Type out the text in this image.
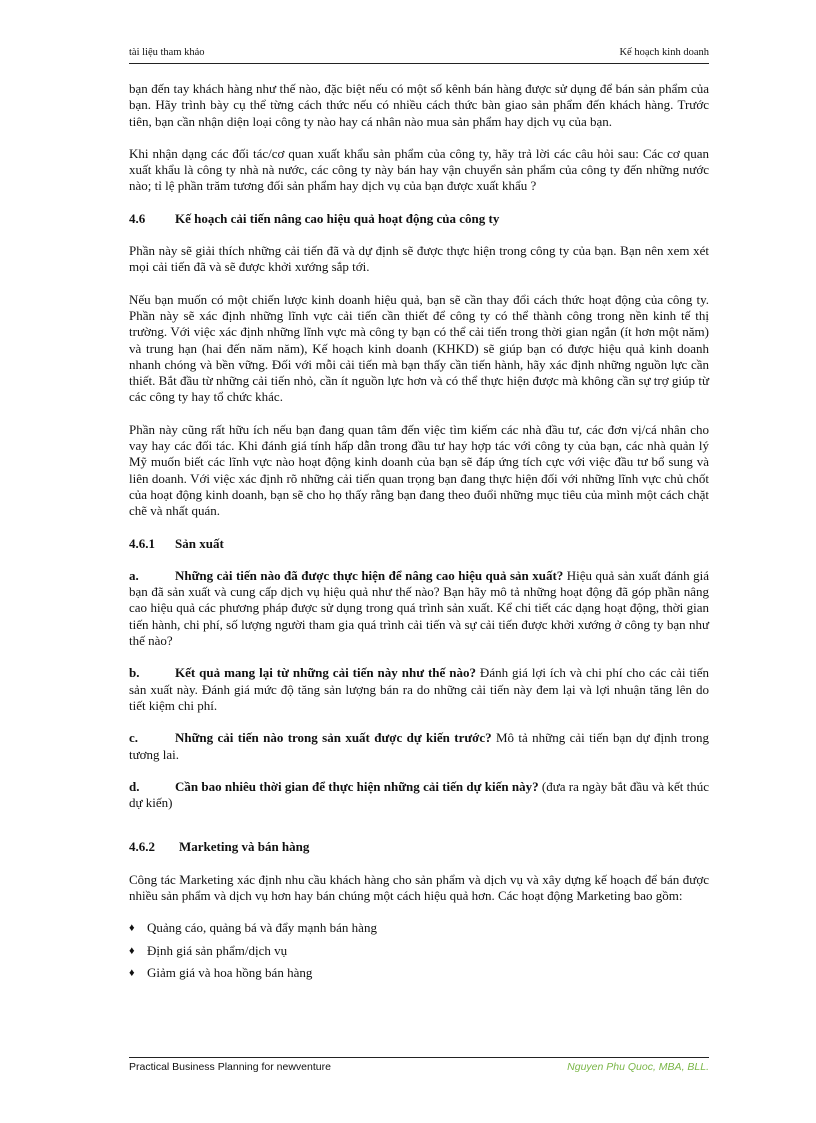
tài liệu tham khảo	Kế hoạch kinh doanh

bạn đến tay khách hàng như thế nào, đặc biệt nếu có một số kênh bán hàng được sử dụng để bán sản phẩm của bạn. Hãy trình bày cụ thể từng cách thức nếu có nhiều cách thức bàn giao sản phẩm đến khách hàng. Trước tiên, bạn cần nhận diện loại công ty nào hay cá nhân nào mua sản phẩm hay dịch vụ của bạn.

Khi nhận dạng các đối tác/cơ quan xuất khẩu sản phẩm của công ty, hãy trả lời các câu hỏi sau: Các cơ quan xuất khẩu là công ty nhà nà nước, các công ty này bán hay vận chuyển sản phẩm của công ty đến những nước nào; tỉ lệ phần trăm tương đối sản phẩm hay dịch vụ của bạn được xuất khẩu ?

4.6 Kế hoạch cải tiến nâng cao hiệu quả hoạt động của công ty

Phần này sẽ giải thích những cải tiến đã và dự định sẽ được thực hiện trong công ty của bạn. Bạn nên xem xét mọi cải tiến đã và sẽ được khởi xướng sắp tới.

Nếu bạn muốn có một chiến lược kinh doanh hiệu quả, bạn sẽ cần thay đổi cách thức hoạt động của công ty. Phần này sẽ xác định những lĩnh vực cải tiến cần thiết để công ty có thể thành công trong nền kinh tế thị trường. Với việc xác định những lĩnh vực mà công ty bạn có thể cải tiến trong thời gian ngắn (ít hơn một năm) và trung hạn (hai đến năm năm), Kế hoạch kinh doanh (KHKD) sẽ giúp bạn có được hiệu quả kinh doanh nhanh chóng và bền vững. Đối với mỗi cải tiến mà bạn thấy cần tiến hành, hãy xác định những nguồn lực cần thiết. Bắt đầu từ những cải tiến nhỏ, cần ít nguồn lực hơn và có thể thực hiện được mà không cần sự trợ giúp từ các công ty hay tổ chức khác.

Phần này cũng rất hữu ích nếu bạn đang quan tâm đến việc tìm kiếm các nhà đầu tư, các đơn vị/cá nhân cho vay hay các đối tác. Khi đánh giá tính hấp dẫn trong đầu tư hay hợp tác với công ty của bạn, các nhà quản lý Mỹ muốn biết các lĩnh vực nào hoạt động kinh doanh của bạn sẽ đáp ứng tích cực với việc đầu tư bổ sung và liên doanh. Với việc xác định rõ những cải tiến quan trọng bạn đang thực hiện đối với những lĩnh vực chủ chốt của hoạt động kinh doanh, bạn sẽ cho họ thấy rằng bạn đang theo đuổi những mục tiêu của mình một cách chặt chẽ và nhất quán.

4.6.1 Sản xuất
a.	Những cải tiến nào đã được thực hiện để nâng cao hiệu quả sản xuất? Hiệu quả sản xuất đánh giá bạn đã sản xuất và cung cấp dịch vụ hiệu quả như thế nào? Bạn hãy mô tả những hoạt động đã góp phần nâng cao hiệu quả các phương pháp được sử dụng trong quá trình sản xuất. Kể chi tiết các dạng hoạt động, thời gian tiến hành, chi phí, số lượng người tham gia quá trình cải tiến và sự cải tiến được khởi xướng ở công ty bạn như thế nào?
b.	Kết quả mang lại từ những cải tiến này như thế nào? Đánh giá lợi ích và chi phí cho các cải tiến sản xuất này. Đánh giá mức độ tăng sản lượng bán ra do những cải tiến này đem lại và lợi nhuận tăng lên do tiết kiệm chi phí.
c.	Những cải tiến nào trong sản xuất được dự kiến trước? Mô tả những cải tiến bạn dự định trong tương lai.
d.	Cần bao nhiêu thời gian để thực hiện những cải tiến dự kiến này? (đưa ra ngày bắt đầu và kết thúc dự kiến)
4.6.2 Marketing và bán hàng

Công tác Marketing xác định nhu cầu khách hàng cho sản phẩm và dịch vụ và xây dựng kế hoạch để bán được nhiều sản phẩm và dịch vụ hơn hay bán chúng một cách hiệu quả hơn. Các hoạt động Marketing bao gồm:

♦ Quảng cáo, quảng bá và đẩy mạnh bán hàng
♦ Định giá sản phẩm/dịch vụ
♦ Giảm giá và hoa hồng bán hàng
Practical Business Planning for newventure	Nguyen Phu Quoc, MBA, BLL.
